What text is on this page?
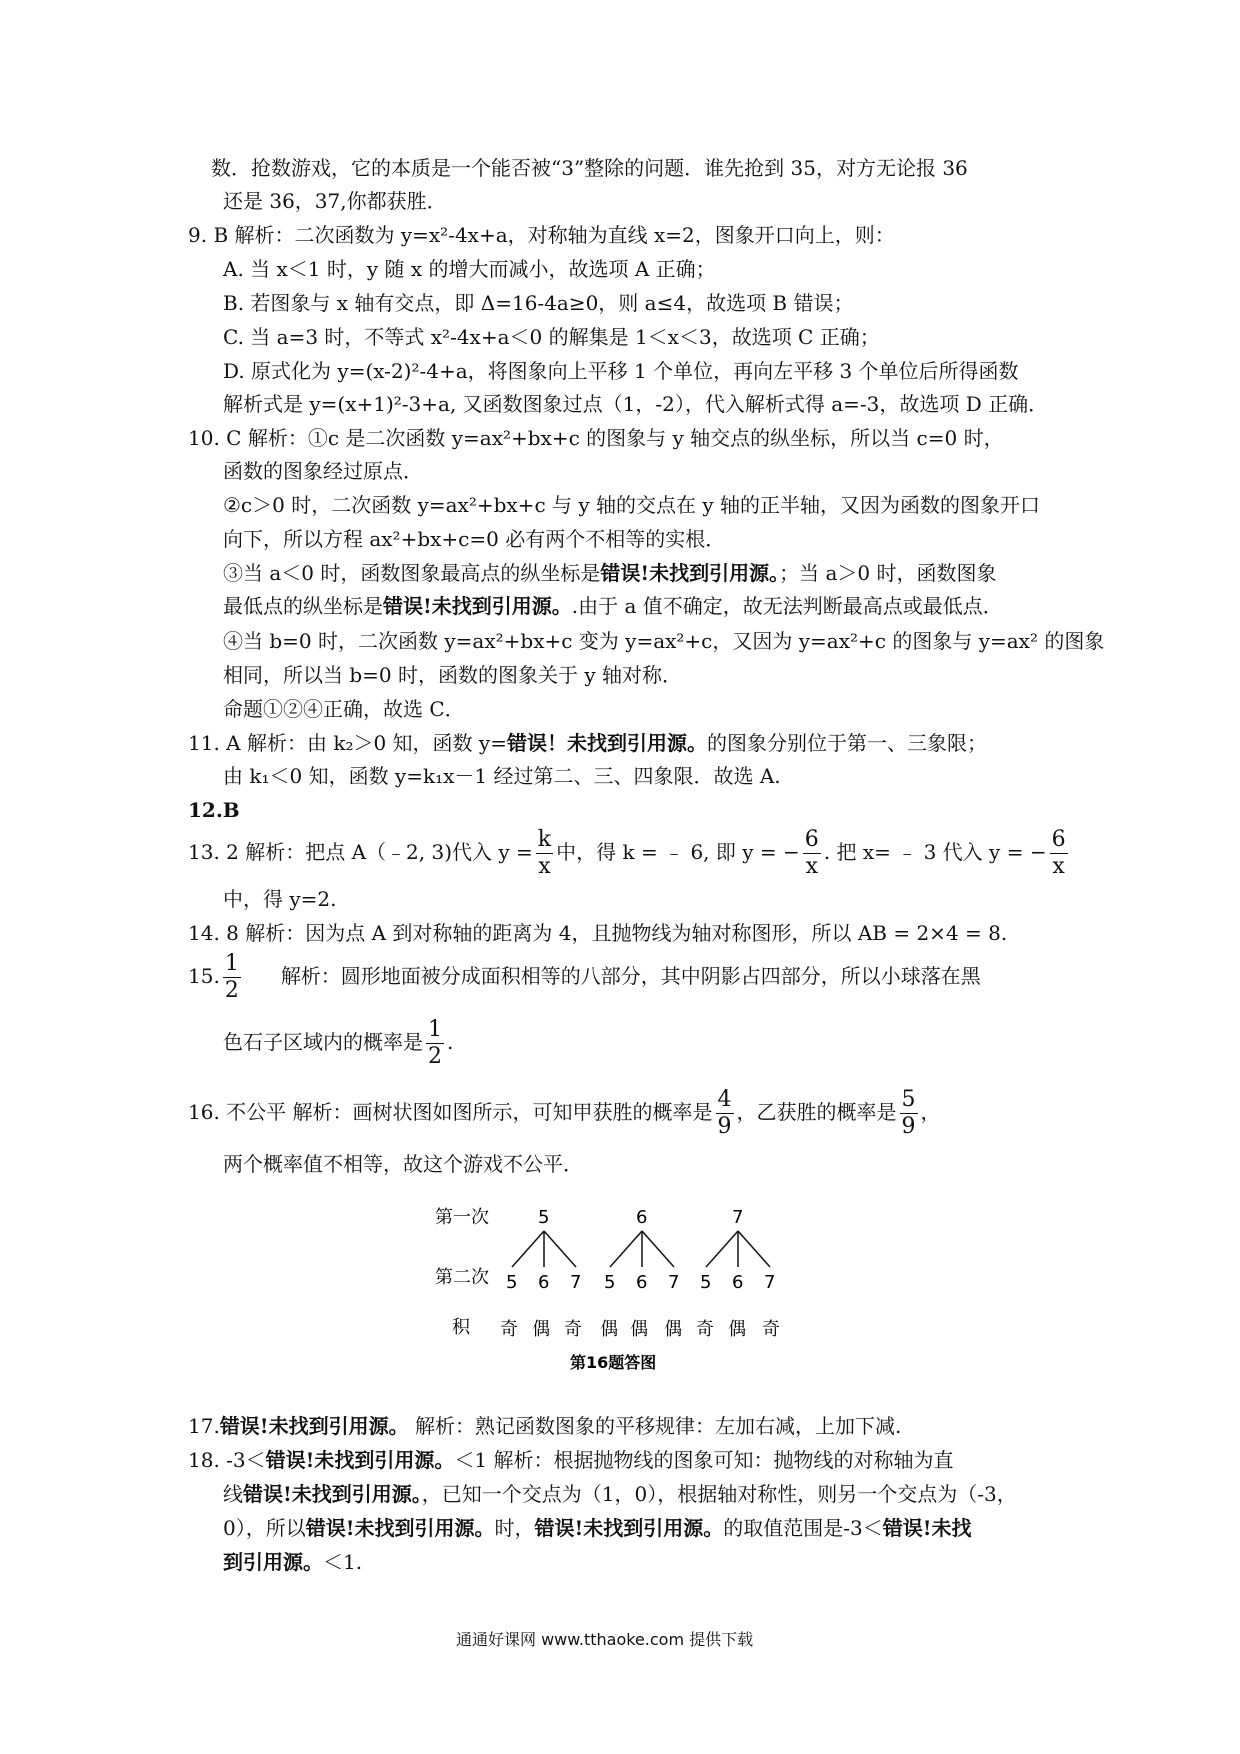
数．抢数游戏，它的本质是一个能否被“3”整除的问题．谁先抢到 35，对方无论报 36
还是 36，37,你都获胜．
9. B 解析：二次函数为 y=x²-4x+a，对称轴为直线 x=2，图象开口向上，则：
A. 当 x＜1 时，y 随 x 的增大而减小，故选项 A 正确；
B. 若图象与 x 轴有交点，即 Δ=16-4a≥0，则 a≤4，故选项 B 错误；
C. 当 a=3 时，不等式 x²-4x+a＜0 的解集是 1＜x＜3，故选项 C 正确；
D. 原式化为 y=(x-2)²-4+a，将图象向上平移 1 个单位，再向左平移 3 个单位后所得函数
解析式是 y=(x+1)²-3+a, 又函数图象过点（1，-2），代入解析式得 a=-3，故选项 D 正确．
10. C 解析：①c 是二次函数 y=ax²+bx+c 的图象与 y 轴交点的纵坐标，所以当 c=0 时，
函数的图象经过原点．
②c＞0 时，二次函数 y=ax²+bx+c 与 y 轴的交点在 y 轴的正半轴，又因为函数的图象开口
向下，所以方程 ax²+bx+c=0 必有两个不相等的实根．
③当 a＜0 时，函数图象最高点的纵坐标是错误!未找到引用源。；当 a＞0 时，函数图象
最低点的纵坐标是错误!未找到引用源。.由于 a 值不确定，故无法判断最高点或最低点．
④当 b=0 时，二次函数 y=ax²+bx+c 变为 y=ax²+c，又因为 y=ax²+c 的图象与 y=ax² 的图象
相同，所以当 b=0 时，函数的图象关于 y 轴对称．
命题①②④正确，故选 C．
11. A 解析：由 k₂＞0 知，函数 y=错误！未找到引用源。的图象分别位于第一、三象限；
由 k₁＜0 知，函数 y=k₁x－1 经过第二、三、四象限．故选 A.
12.B
13. 2 解析：把点 A（﹣2, 3)代入 $y = \frac{k}{x}$ 中，得 k = ﹣ 6, 即 y = − $\frac{6}{x}$ . 把 x= ﹣ 3 代入 y = − $\frac{6}{x}$
中，得 y=2.
14. 8 解析：因为点 A 到对称轴的距离为 4，且抛物线为轴对称图形，所以 AB = 2×4 = 8.
15. $\frac{1}{2}$ 解析：圆形地面被分成面积相等的八部分，其中阴影占四部分，所以小球落在黑
色石子区域内的概率是 $\frac{1}{2}$ .
16. 不公平 解析：画树状图如图所示，可知甲获胜的概率是 $\frac{4}{9}$ ，乙获胜的概率是 $\frac{5}{9}$ ，
两个概率值不相等，故这个游戏不公平．
第一次
第二次
积
5	6	7
5 6 7 5 6 7 5 6 7
奇 偶 奇 偶 偶 偶 奇 偶 奇
第16题答图
17.错误!未找到引用源。 解析：熟记函数图象的平移规律：左加右减，上加下减.
18. -3＜错误!未找到引用源。＜1 解析：根据抛物线的图象可知：抛物线的对称轴为直
线错误!未找到引用源。，已知一个交点为（1，0），根据轴对称性，则另一个交点为（-3，
0），所以错误!未找到引用源。时，错误!未找到引用源。的取值范围是-3＜错误!未找
到引用源。＜1.
通通好课网 www.tthaoke.com 提供下载
